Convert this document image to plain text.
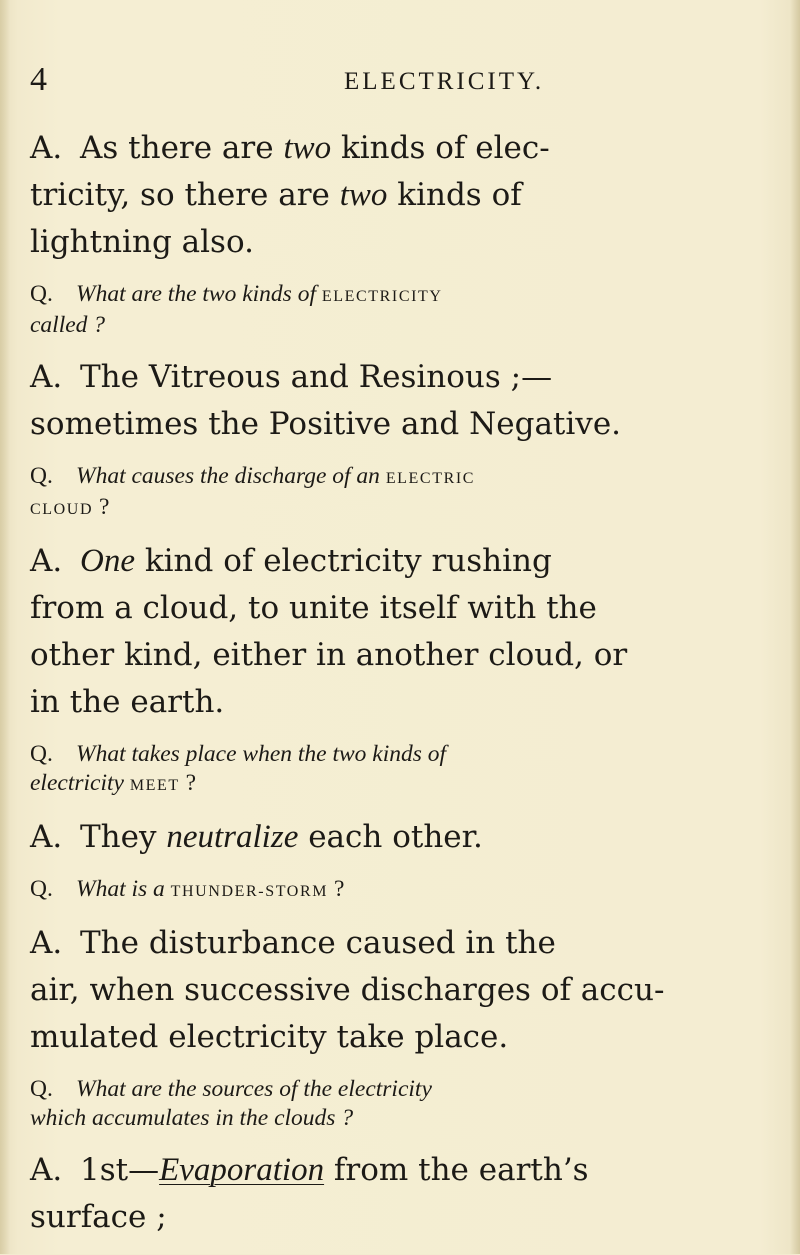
4	ELECTRICITY.

A. As there are two kinds of elec-
tricity, so there are two kinds of
lightning also.

Q. What are the two kinds of ELECTRICITY
called ?

A. The Vitreous and Resinous ;—
sometimes the Positive and Negative.

Q. What causes the discharge of an ELECTRIC
CLOUD ?

A. One kind of electricity rushing
from a cloud, to unite itself with the
other kind, either in another cloud, or
in the earth.

Q. What takes place when the two kinds of
electricity MEET ?

A. They neutralize each other.

Q. What is a THUNDER-STORM ?

A. The disturbance caused in the
air, when successive discharges of accu-
mulated electricity take place.

Q. What are the sources of the electricity
which accumulates in the clouds ?

A. 1st—Evaporation from the earth’s
surface ;
